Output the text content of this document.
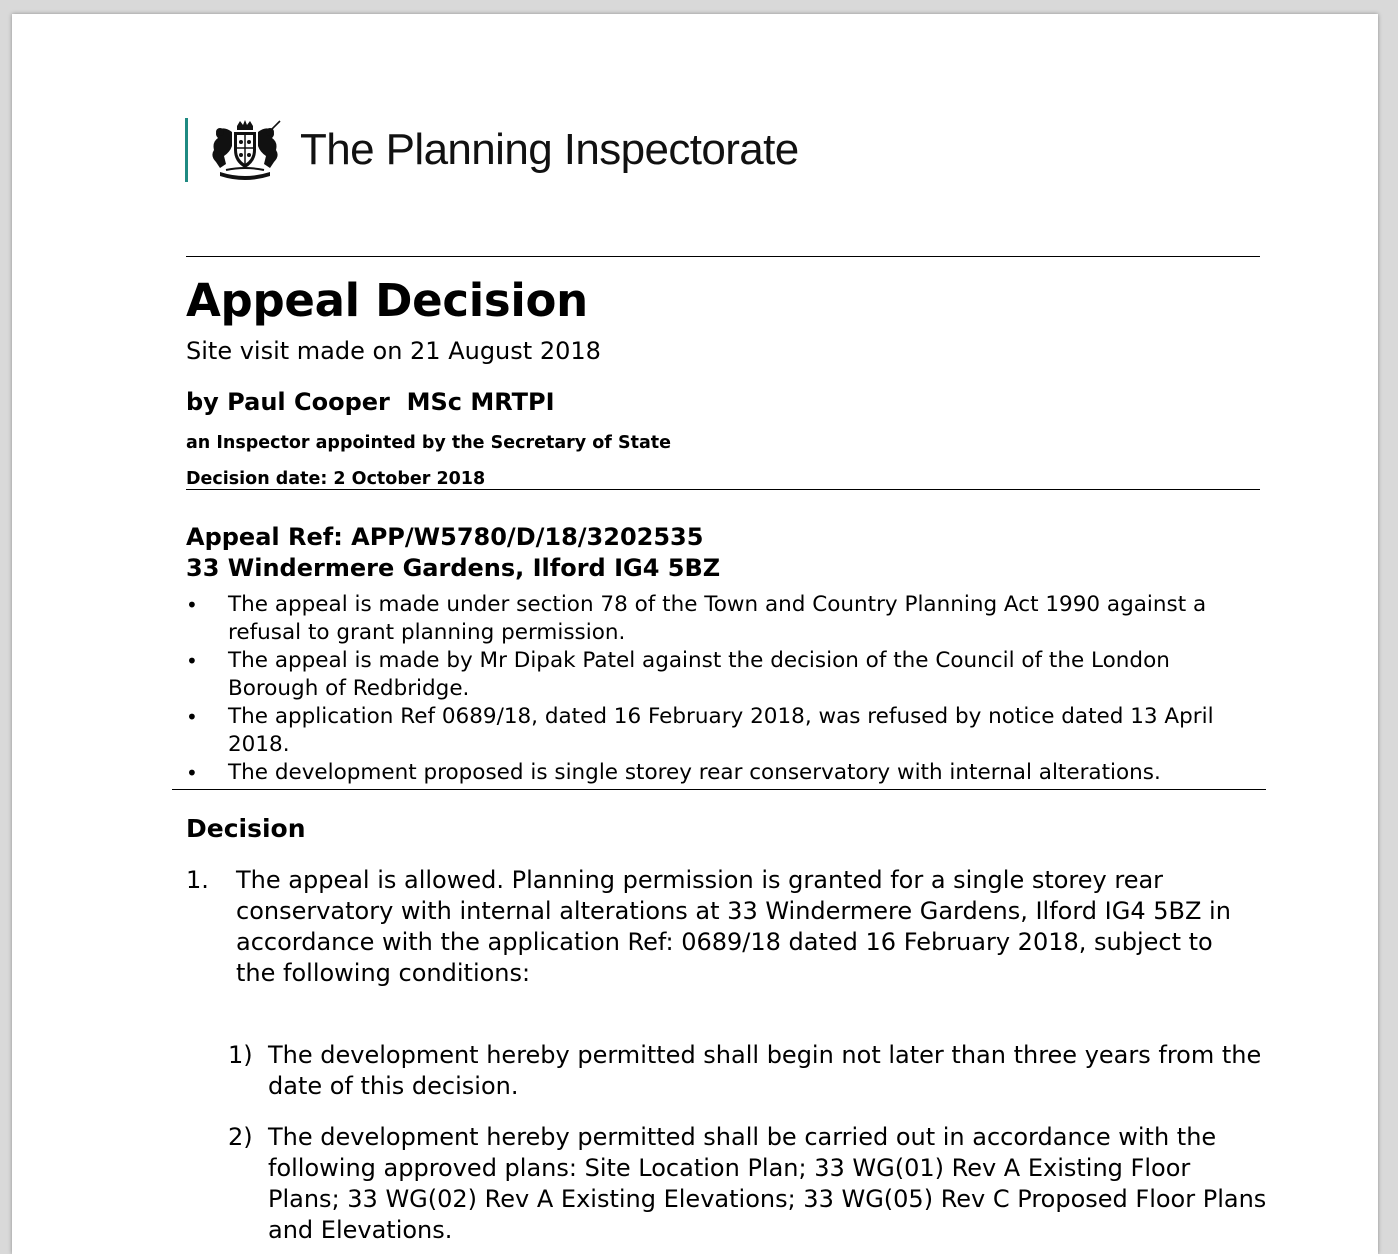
The Planning Inspectorate
Appeal Decision
Site visit made on 21 August 2018
by Paul Cooper  MSc MRTPI
an Inspector appointed by the Secretary of State
Decision date: 2 October 2018
Appeal Ref: APP/W5780/D/18/3202535
33 Windermere Gardens, Ilford IG4 5BZ
• The appeal is made under section 78 of the Town and Country Planning Act 1990 against a refusal to grant planning permission.
• The appeal is made by Mr Dipak Patel against the decision of the Council of the London Borough of Redbridge.
• The application Ref 0689/18, dated 16 February 2018, was refused by notice dated 13 April 2018.
• The development proposed is single storey rear conservatory with internal alterations.
Decision
1. The appeal is allowed. Planning permission is granted for a single storey rear conservatory with internal alterations at 33 Windermere Gardens, Ilford IG4 5BZ in accordance with the application Ref: 0689/18 dated 16 February 2018, subject to the following conditions:
1) The development hereby permitted shall begin not later than three years from the date of this decision.
2) The development hereby permitted shall be carried out in accordance with the following approved plans: Site Location Plan; 33 WG(01) Rev A Existing Floor Plans; 33 WG(02) Rev A Existing Elevations; 33 WG(05) Rev C Proposed Floor Plans and Elevations.
